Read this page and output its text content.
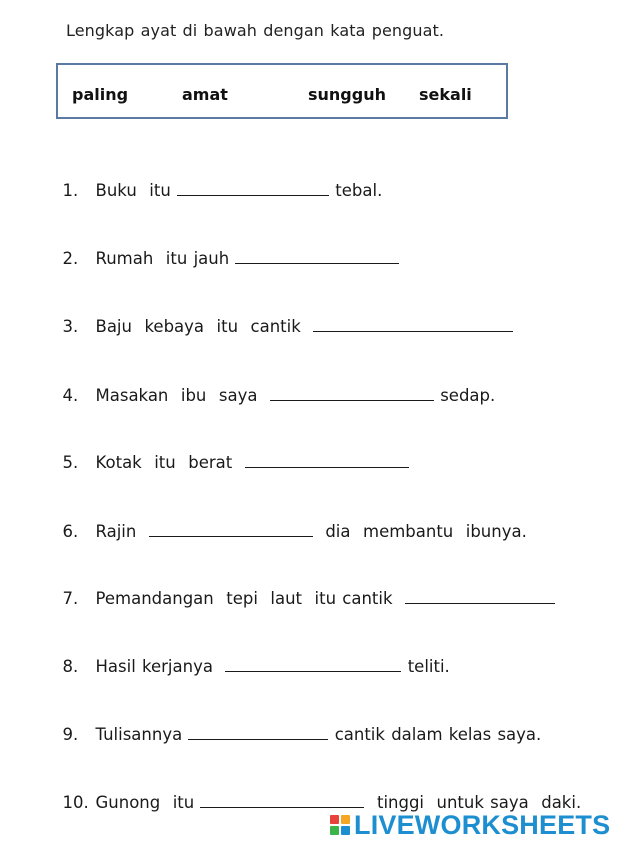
Lengkap ayat di bawah dengan kata penguat.
paling	amat	sungguh sekali

1. Buku  itu	tebal.

2. Rumah  itu jauh

3. Baju  kebaya  itu  cantik

4. Masakan  ibu  saya	sedap.

5. Kotak  itu  berat

6. Rajin	dia  membantu  ibunya.

7. Pemandangan  tepi  laut  itu cantik

8. Hasil kerjanya	teliti.

9. Tulisannya	cantik dalam kelas saya.

10. Gunong  itu	tinggi  untuk saya  daki.

LIVEWORKSHEETS
